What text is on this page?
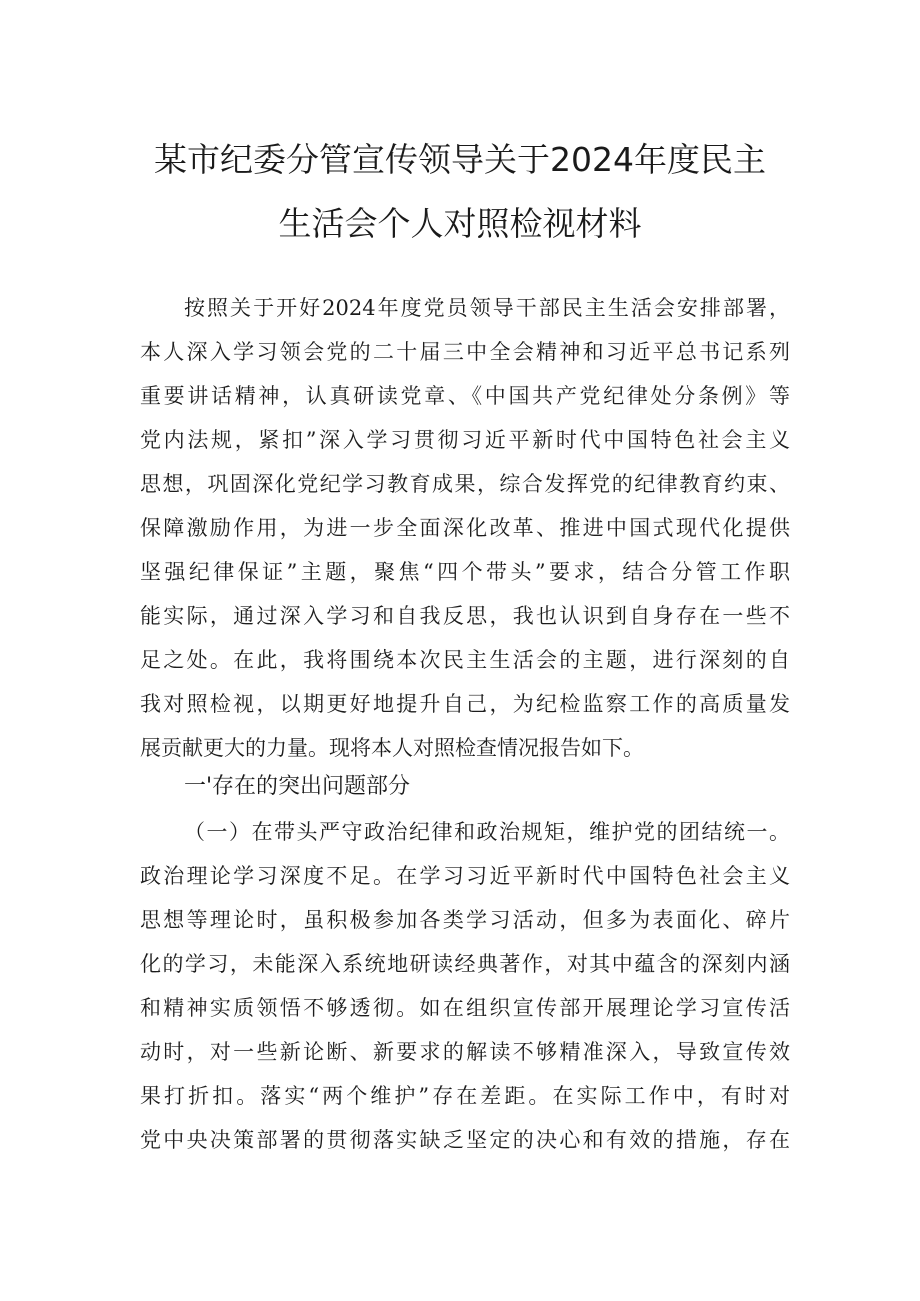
某市纪委分管宣传领导关于2024年度民主
生活会个人对照检视材料
按照关于开好2024年度党员领导干部民主生活会安排部署，
本人深入学习领会党的二十届三中全会精神和习近平总书记系列
重要讲话精神，认真研读党章、《中国共产党纪律处分条例》等
党内法规，紧扣”深入学习贯彻习近平新时代中国特色社会主义
思想，巩固深化党纪学习教育成果，综合发挥党的纪律教育约束、
保障激励作用，为进一步全面深化改革、推进中国式现代化提供
坚强纪律保证”主题，聚焦“四个带头”要求，结合分管工作职
能实际，通过深入学习和自我反思，我也认识到自身存在一些不
足之处。在此，我将围绕本次民主生活会的主题，进行深刻的自
我对照检视，以期更好地提升自己，为纪检监察工作的高质量发
展贡献更大的力量。现将本人对照检查情况报告如下。
一'存在的突出问题部分
（一）在带头严守政治纪律和政治规矩，维护党的团结统一。
政治理论学习深度不足。在学习习近平新时代中国特色社会主义
思想等理论时，虽积极参加各类学习活动，但多为表面化、碎片
化的学习，未能深入系统地研读经典著作，对其中蕴含的深刻内涵
和精神实质领悟不够透彻。如在组织宣传部开展理论学习宣传活
动时，对一些新论断、新要求的解读不够精准深入，导致宣传效
果打折扣。落实“两个维护”存在差距。在实际工作中，有时对
党中央决策部署的贯彻落实缺乏坚定的决心和有效的措施，存在
